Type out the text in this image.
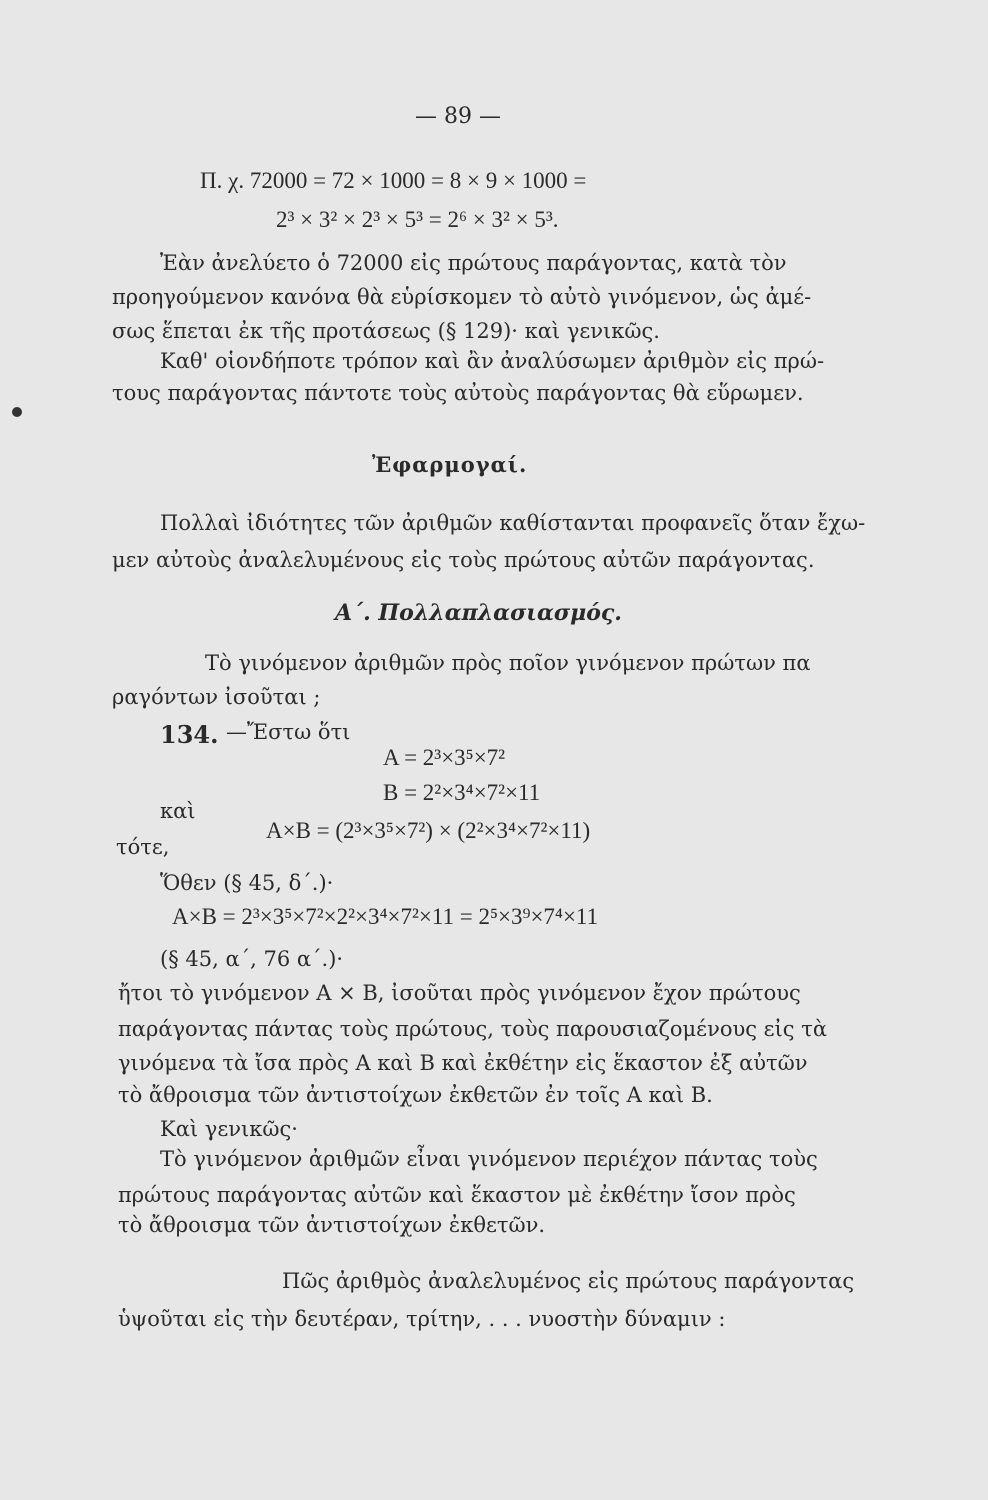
— 89 —
Π. χ. 72000 = 72 × 1000 = 8 × 9 × 1000 =
2³ × 3² × 2³ × 5³ = 2⁶ × 3² × 5³.
Ἐὰν ἀνελύετο ὁ 72000 εἰς πρώτους παράγοντας, κατὰ τὸν
προηγούμενον κανόνα θὰ εὑρίσκομεν τὸ αὐτὸ γινόμενον, ὡς ἀμέ-
σως ἕπεται ἐκ τῆς προτάσεως (§ 129)· καὶ γενικῶς.
Καθ' οἱονδήποτε τρόπον καὶ ἂν ἀναλύσωμεν ἀριθμὸν εἰς πρώ-
τους παράγοντας πάντοτε τοὺς αὐτοὺς παράγοντας θὰ εὕρωμεν.
Ἐφαρμογαί.
Πολλαὶ ἰδιότητες τῶν ἀριθμῶν καθίστανται προφανεῖς ὅταν ἔχω-
μεν αὐτοὺς ἀναλελυμένους εἰς τοὺς πρώτους αὐτῶν παράγοντας.
Α΄. Πολλαπλασιασμός.
Τὸ γινόμενον ἀριθμῶν πρὸς ποῖον γινόμενον πρώτων πα
ραγόντων ἰσοῦται ;
134. —Ἔστω ὅτι
A = 2³×3⁵×7²
καὶ
B = 2²×3⁴×7²×11
τότε,
A×B = (2³×3⁵×7²) × (2²×3⁴×7²×11)
Ὅθεν (§ 45, δ΄.)·
A×B = 2³×3⁵×7²×2²×3⁴×7²×11 = 2⁵×3⁹×7⁴×11
(§ 45, α΄, 76 α΄.)·
ἤτοι τὸ γινόμενον A × B, ἰσοῦται πρὸς γινόμενον ἔχον πρώτους
παράγοντας πάντας τοὺς πρώτους, τοὺς παρουσιαζομένους εἰς τὰ
γινόμενα τὰ ἴσα πρὸς A καὶ B καὶ ἐκθέτην εἰς ἕκαστον ἐξ αὐτῶν
τὸ ἄθροισμα τῶν ἀντιστοίχων ἐκθετῶν ἐν τοῖς A καὶ B.
Καὶ γενικῶς·
Τὸ γινόμενον ἀριθμῶν εἶναι γινόμενον περιέχον πάντας τοὺς
πρώτους παράγοντας αὐτῶν καὶ ἕκαστον μὲ ἐκθέτην ἴσον πρὸς
τὸ ἄθροισμα τῶν ἀντιστοίχων ἐκθετῶν.
Πῶς ἀριθμὸς ἀναλελυμένος εἰς πρώτους παράγοντας
ὑψοῦται εἰς τὴν δευτέραν, τρίτην, . . . νυοστὴν δύναμιν :
